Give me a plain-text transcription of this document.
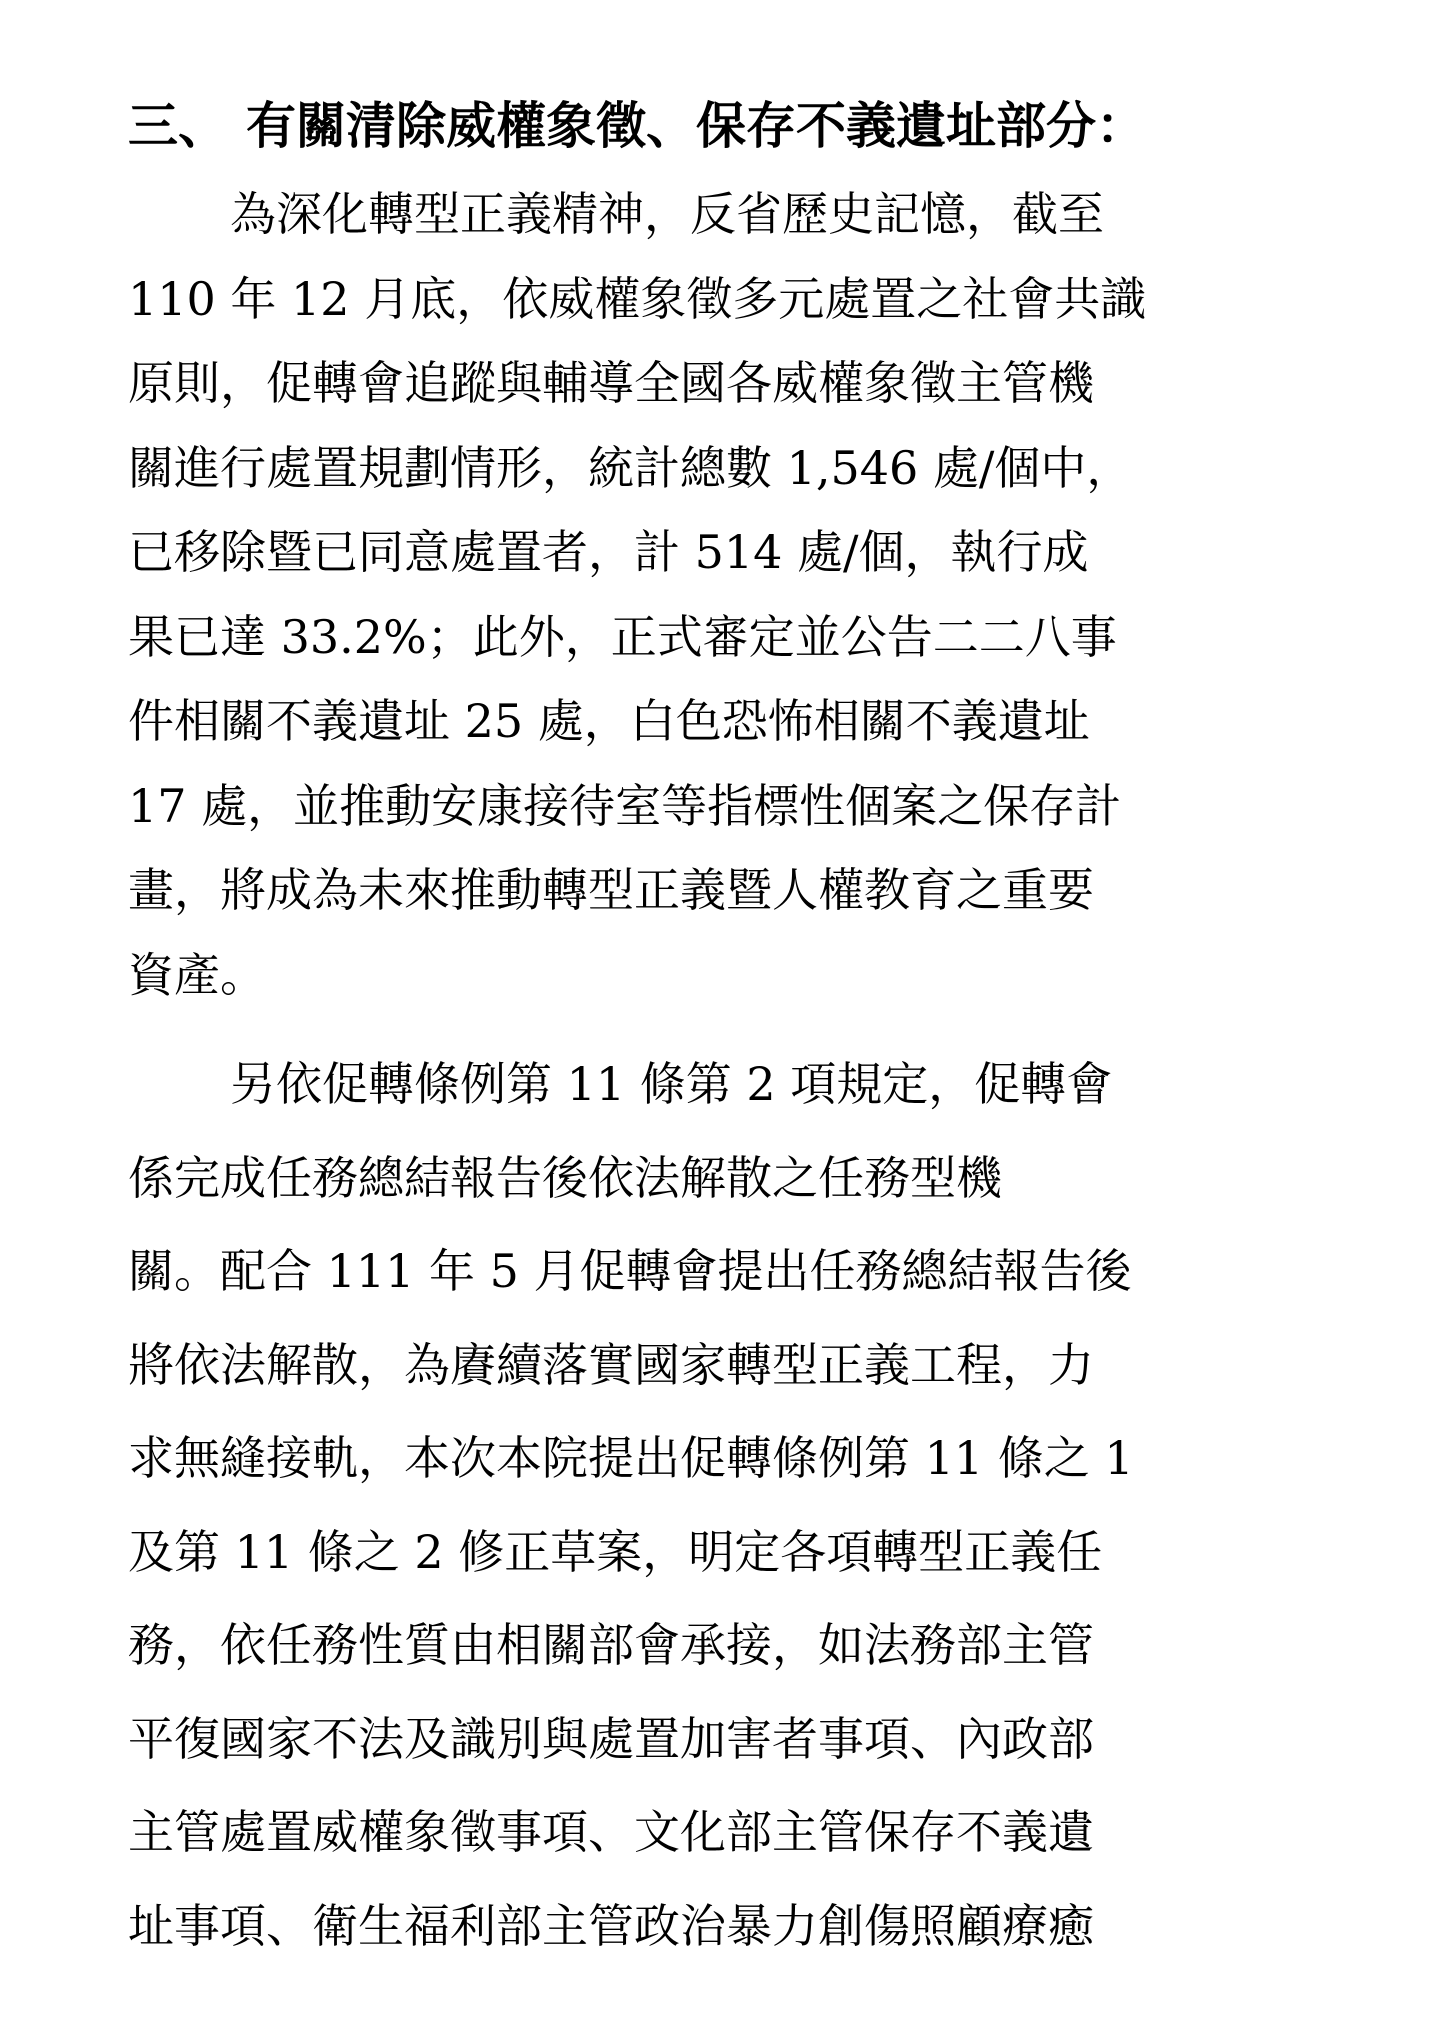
三、 有關清除威權象徵、保存不義遺址部分：

為深化轉型正義精神，反省歷史記憶，截至
110 年 12 月底，依威權象徵多元處置之社會共識
原則，促轉會追蹤與輔導全國各威權象徵主管機
關進行處置規劃情形，統計總數 1,546 處/個中，
已移除暨已同意處置者，計 514 處/個，執行成
果已達 33.2%；此外，正式審定並公告二二八事
件相關不義遺址 25 處，白色恐怖相關不義遺址
17 處，並推動安康接待室等指標性個案之保存計
畫，將成為未來推動轉型正義暨人權教育之重要
資產。

另依促轉條例第 11 條第 2 項規定，促轉會
係完成任務總結報告後依法解散之任務型機
關。配合 111 年 5 月促轉會提出任務總結報告後
將依法解散，為賡續落實國家轉型正義工程，力
求無縫接軌，本次本院提出促轉條例第 11 條之 1
及第 11 條之 2 修正草案，明定各項轉型正義任
務，依任務性質由相關部會承接，如法務部主管
平復國家不法及識別與處置加害者事項、內政部
主管處置威權象徵事項、文化部主管保存不義遺
址事項、衛生福利部主管政治暴力創傷照顧療癒
